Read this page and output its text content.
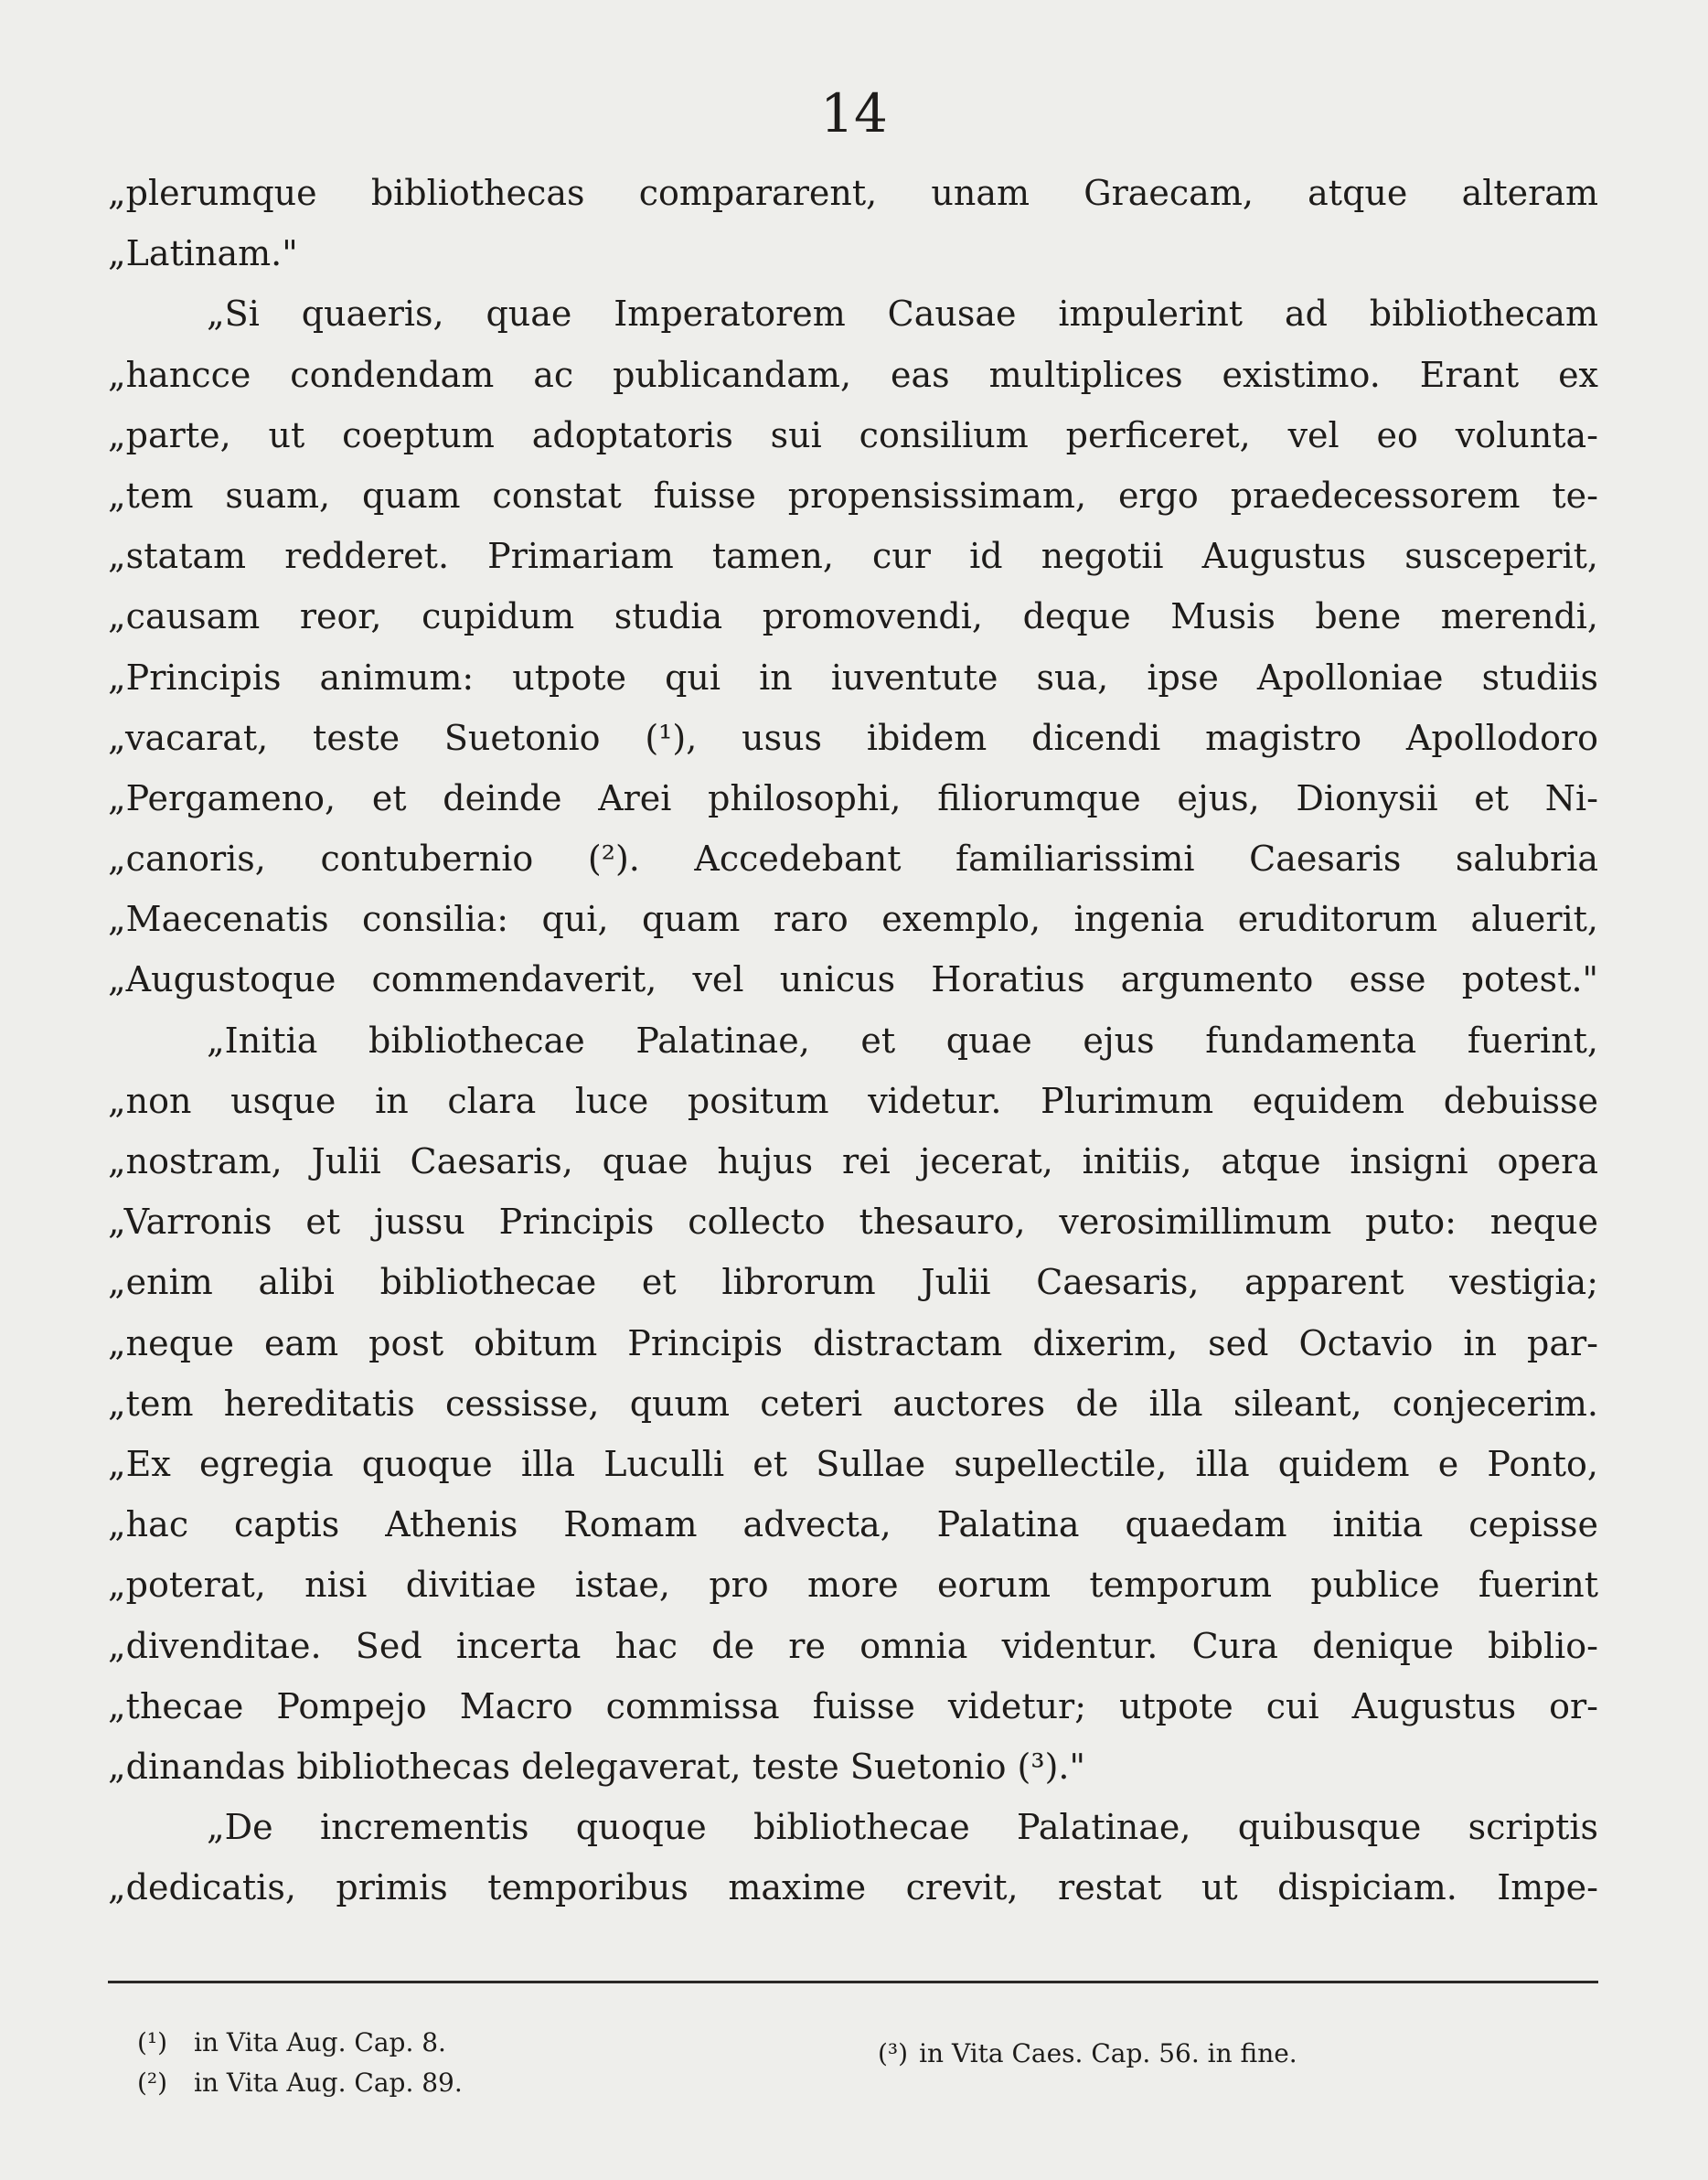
14
„plerumque bibliothecas compararent, unam Graecam, atque alteram
„Latinam."
„Si quaeris, quae Imperatorem Causae impulerint ad bibliothecam
„hancce condendam ac publicandam, eas multiplices existimo. Erant ex
„parte, ut coeptum adoptatoris sui consilium perficeret, vel eo volunta-
„tem suam, quam constat fuisse propensissimam, ergo praedecessorem te-
„statam redderet. Primariam tamen, cur id negotii Augustus susceperit,
„causam reor, cupidum studia promovendi, deque Musis bene merendi,
„Principis animum: utpote qui in iuventute sua, ipse Apolloniae studiis
„vacarat, teste Suetonio (¹), usus ibidem dicendi magistro Apollodoro
„Pergameno, et deinde Arei philosophi, filiorumque ejus, Dionysii et Ni-
„canoris, contubernio (²). Accedebant familiarissimi Caesaris salubria
„Maecenatis consilia: qui, quam raro exemplo, ingenia eruditorum aluerit,
„Augustoque commendaverit, vel unicus Horatius argumento esse potest."
„Initia bibliothecae Palatinae, et quae ejus fundamenta fuerint,
„non usque in clara luce positum videtur. Plurimum equidem debuisse
„nostram, Julii Caesaris, quae hujus rei jecerat, initiis, atque insigni opera
„Varronis et jussu Principis collecto thesauro, verosimillimum puto: neque
„enim alibi bibliothecae et librorum Julii Caesaris, apparent vestigia;
„neque eam post obitum Principis distractam dixerim, sed Octavio in par-
„tem hereditatis cessisse, quum ceteri auctores de illa sileant, conjecerim.
„Ex egregia quoque illa Luculli et Sullae supellectile, illa quidem e Ponto,
„hac captis Athenis Romam advecta, Palatina quaedam initia cepisse
„poterat, nisi divitiae istae, pro more eorum temporum publice fuerint
„divenditae. Sed incerta hac de re omnia videntur. Cura denique biblio-
„thecae Pompejo Macro commissa fuisse videtur; utpote cui Augustus or-
„dinandas bibliothecas delegaverat, teste Suetonio (³)."
„De incrementis quoque bibliothecae Palatinae, quibusque scriptis
„dedicatis, primis temporibus maxime crevit, restat ut dispiciam. Impe-
(¹)	in Vita Aug. Cap. 8.
(²)	in Vita Aug. Cap. 89.
(³) in Vita Caes. Cap. 56. in fine.
